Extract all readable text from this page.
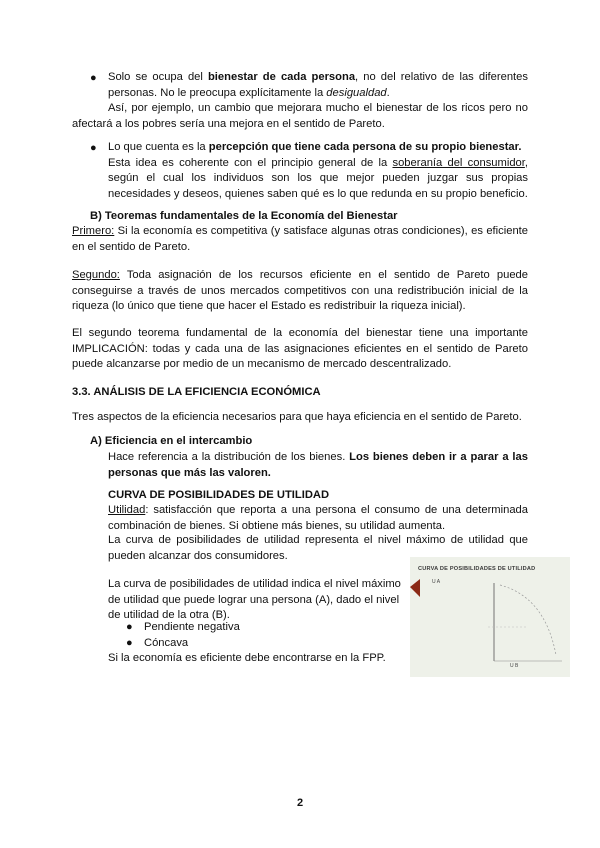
● Solo se ocupa del bienestar de cada persona, no del relativo de las diferentes personas. No le preocupa explícitamente la desigualdad.
Así, por ejemplo, un cambio que mejorara mucho el bienestar de los ricos pero no afectará a los pobres sería una mejora en el sentido de Pareto.
● Lo que cuenta es la percepción que tiene cada persona de su propio bienestar.
Esta idea es coherente con el principio general de la soberanía del consumidor, según el cual los individuos son los que mejor pueden juzgar sus propias necesidades y deseos, quienes saben qué es lo que redunda en su propio beneficio.
B) Teoremas fundamentales de la Economía del Bienestar
Primero: Si la economía es competitiva (y satisface algunas otras condiciones), es eficiente en el sentido de Pareto.
Segundo: Toda asignación de los recursos eficiente en el sentido de Pareto puede conseguirse a través de unos mercados competitivos con una redistribución inicial de la riqueza (lo único que tiene que hacer el Estado es redistribuir la riqueza inicial).
El segundo teorema fundamental de la economía del bienestar tiene una importante IMPLICACIÓN: todas y cada una de las asignaciones eficientes en el sentido de Pareto puede alcanzarse por medio de un mecanismo de mercado descentralizado.
3.3. ANÁLISIS DE LA EFICIENCIA ECONÓMICA
Tres aspectos de la eficiencia necesarios para que haya eficiencia en el sentido de Pareto.
A) Eficiencia en el intercambio
Hace referencia a la distribución de los bienes. Los bienes deben ir a parar a las personas que más las valoren.
CURVA DE POSIBILIDADES DE UTILIDAD
Utilidad: satisfacción que reporta a una persona el consumo de una determinada combinación de bienes. Si obtiene más bienes, su utilidad aumenta.
La curva de posibilidades de utilidad representa el nivel máximo de utilidad que pueden alcanzar dos consumidores.
La curva de posibilidades de utilidad indica el nivel máximo de utilidad que puede lograr una persona (A), dado el nivel de utilidad de la otra (B).
● Pendiente negativa
● Cóncava
Si la economía es eficiente debe encontrarse en la FPP.
CURVA DE POSIBILIDADES DE UTILIDAD
U A
U B
2
